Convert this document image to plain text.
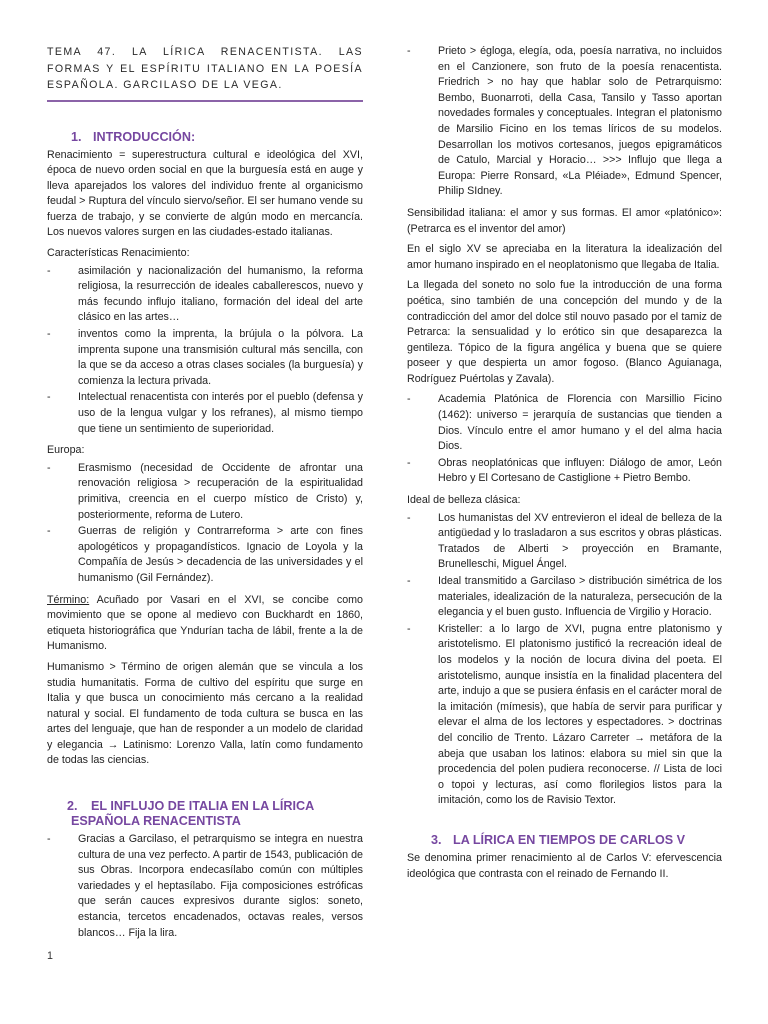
TEMA 47. LA LÍRICA RENACENTISTA. LAS FORMAS Y EL ESPÍRITU ITALIANO EN LA POESÍA ESPAÑOLA. GARCILASO DE LA VEGA.

1. INTRODUCCIÓN:

Renacimiento = superestructura cultural e ideológica del XVI, época de nuevo orden social en que la burguesía está en auge y lleva aparejados los valores del individuo frente al organicismo feudal > Ruptura del vínculo siervo/señor. El ser humano vende su fuerza de trabajo, y se convierte de algún modo en mercancía. Los nuevos valores surgen en las ciudades-estado italianas.

Características Renacimiento:

-	asimilación y nacionalización del humanismo, la reforma religiosa, la resurrección de ideales caballerescos, nuevo y más fecundo influjo italiano, formación del ideal del arte clásico en las artes…
-	inventos como la imprenta, la brújula o la pólvora. La imprenta supone una transmisión cultural más sencilla, con la que se da acceso a otras clases sociales (la burguesía) y comienza la lectura privada.
-	Intelectual renacentista con interés por el pueblo (defensa y uso de la lengua vulgar y los refranes), al mismo tiempo que tiene un sentimiento de superioridad.

Europa:

-	Erasmismo (necesidad de Occidente de afrontar una renovación religiosa > recuperación de la espiritualidad primitiva, creencia en el cuerpo místico de Cristo) y, posteriormente, reforma de Lutero.
-	Guerras de religión y Contrarreforma > arte con fines apologéticos y propagandísticos. Ignacio de Loyola y la Compañía de Jesús > decadencia de las universidades y el humanismo (Gil Fernández).

Término: Acuñado por Vasari en el XVI, se concibe como movimiento que se opone al medievo con Buckhardt en 1860, etiqueta historiográfica que Yndurían tacha de lábil, frente a la de Humanismo.

Humanismo > Término de origen alemán que se vincula a los studia humanitatis. Forma de cultivo del espíritu que surge en Italia y que busca un conocimiento más cercano a la realidad natural y social. El fundamento de toda cultura se busca en las artes del lenguaje, que han de responder a un modelo de claridad y elegancia → Latinismo: Lorenzo Valla, latín como fundamento de todas las ciencias.

2. EL INFLUJO DE ITALIA EN LA LÍRICA ESPAÑOLA RENACENTISTA
-	Gracias a Garcilaso, el petrarquismo se integra en nuestra cultura de una vez perfecto. A partir de 1543, publicación de sus Obras. Incorpora endecasílabo común con múltiples variedades y el heptasílabo. Fija composiciones estróficas que serán cauces expresivos durante siglos: soneto, estancia, tercetos encadenados, octavas reales, versos blancos… Fija la lira.
-	Prieto > égloga, elegía, oda, poesía narrativa, no incluidos en el Canzionere, son fruto de la poesía renacentista. Friedrich > no hay que hablar solo de Petrarquismo: Bembo, Buonarroti, della Casa, Tansilo y Tasso aportan novedades formales y conceptuales. Integran el platonismo de Marsilio Ficino en los temas líricos de su modelos. Desarrollan los motivos cortesanos, juegos epigramáticos de Catulo, Marcial y Horacio… >>> Influjo que llega a Europa: Pierre Ronsard, «La Pléiade», Edmund Spencer, Philip SIdney.

Sensibilidad italiana: el amor y sus formas. El amor «platónico»: (Petrarca es el inventor del amor)

En el siglo XV se apreciaba en la literatura la idealización del amor humano inspirado en el neoplatonismo que llegaba de Italia.

La llegada del soneto no solo fue la introducción de una forma poética, sino también de una concepción del mundo y de la contradicción del amor del dolce stil nouvo pasado por el tamiz de Petrarca: la sensualidad y lo erótico sin que desaparezca la gentileza. Tópico de la figura angélica y buena que se quiere poseer y que despierta un amor fogoso. (Blanco Aguianaga, Rodríguez Puértolas y Zavala).

-	Academia Platónica de Florencia con Marsillio Ficino (1462): universo = jerarquía de sustancias que tienden a Dios. Vínculo entre el amor humano y el del alma hacia Dios.
-	Obras neoplatónicas que influyen: Diálogo de amor, León Hebro y El Cortesano de Castiglione + Pietro Bembo.

Ideal de belleza clásica:

-	Los humanistas del XV entrevieron el ideal de belleza de la antigüedad y lo trasladaron a sus escritos y obras plásticas. Tratados de Alberti > proyección en Bramante, Brunelleschi, Miguel Ángel.
-	Ideal transmitido a Garcilaso > distribución simétrica de los materiales, idealización de la naturaleza, persecución de la elegancia y el buen gusto. Influencia de Virgilio y Horacio.
-	Kristeller: a lo largo de XVI, pugna entre platonismo y aristotelismo. El platonismo justificó la recreación ideal de los modelos y la noción de locura divina del poeta. El aristotelismo, aunque insistía en la finalidad placentera del arte, indujo a que se pusiera énfasis en el carácter moral de la imitación (mímesis), que había de servir para purificar y elevar el alma de los lectores y espectadores. > doctrinas del concilio de Trento. Lázaro Carreter → metáfora de la abeja que usaban los latinos: elabora su miel sin que la procedencia del polen pudiera reconocerse. // Lista de loci o topoi y lecturas, así como florilegios listos para la imitación, como los de Ravisio Textor.
3. LA LÍRICA EN TIEMPOS DE CARLOS V

Se denomina primer renacimiento al de Carlos V: efervescencia ideológica que contrasta con el reinado de Fernando II.

1
